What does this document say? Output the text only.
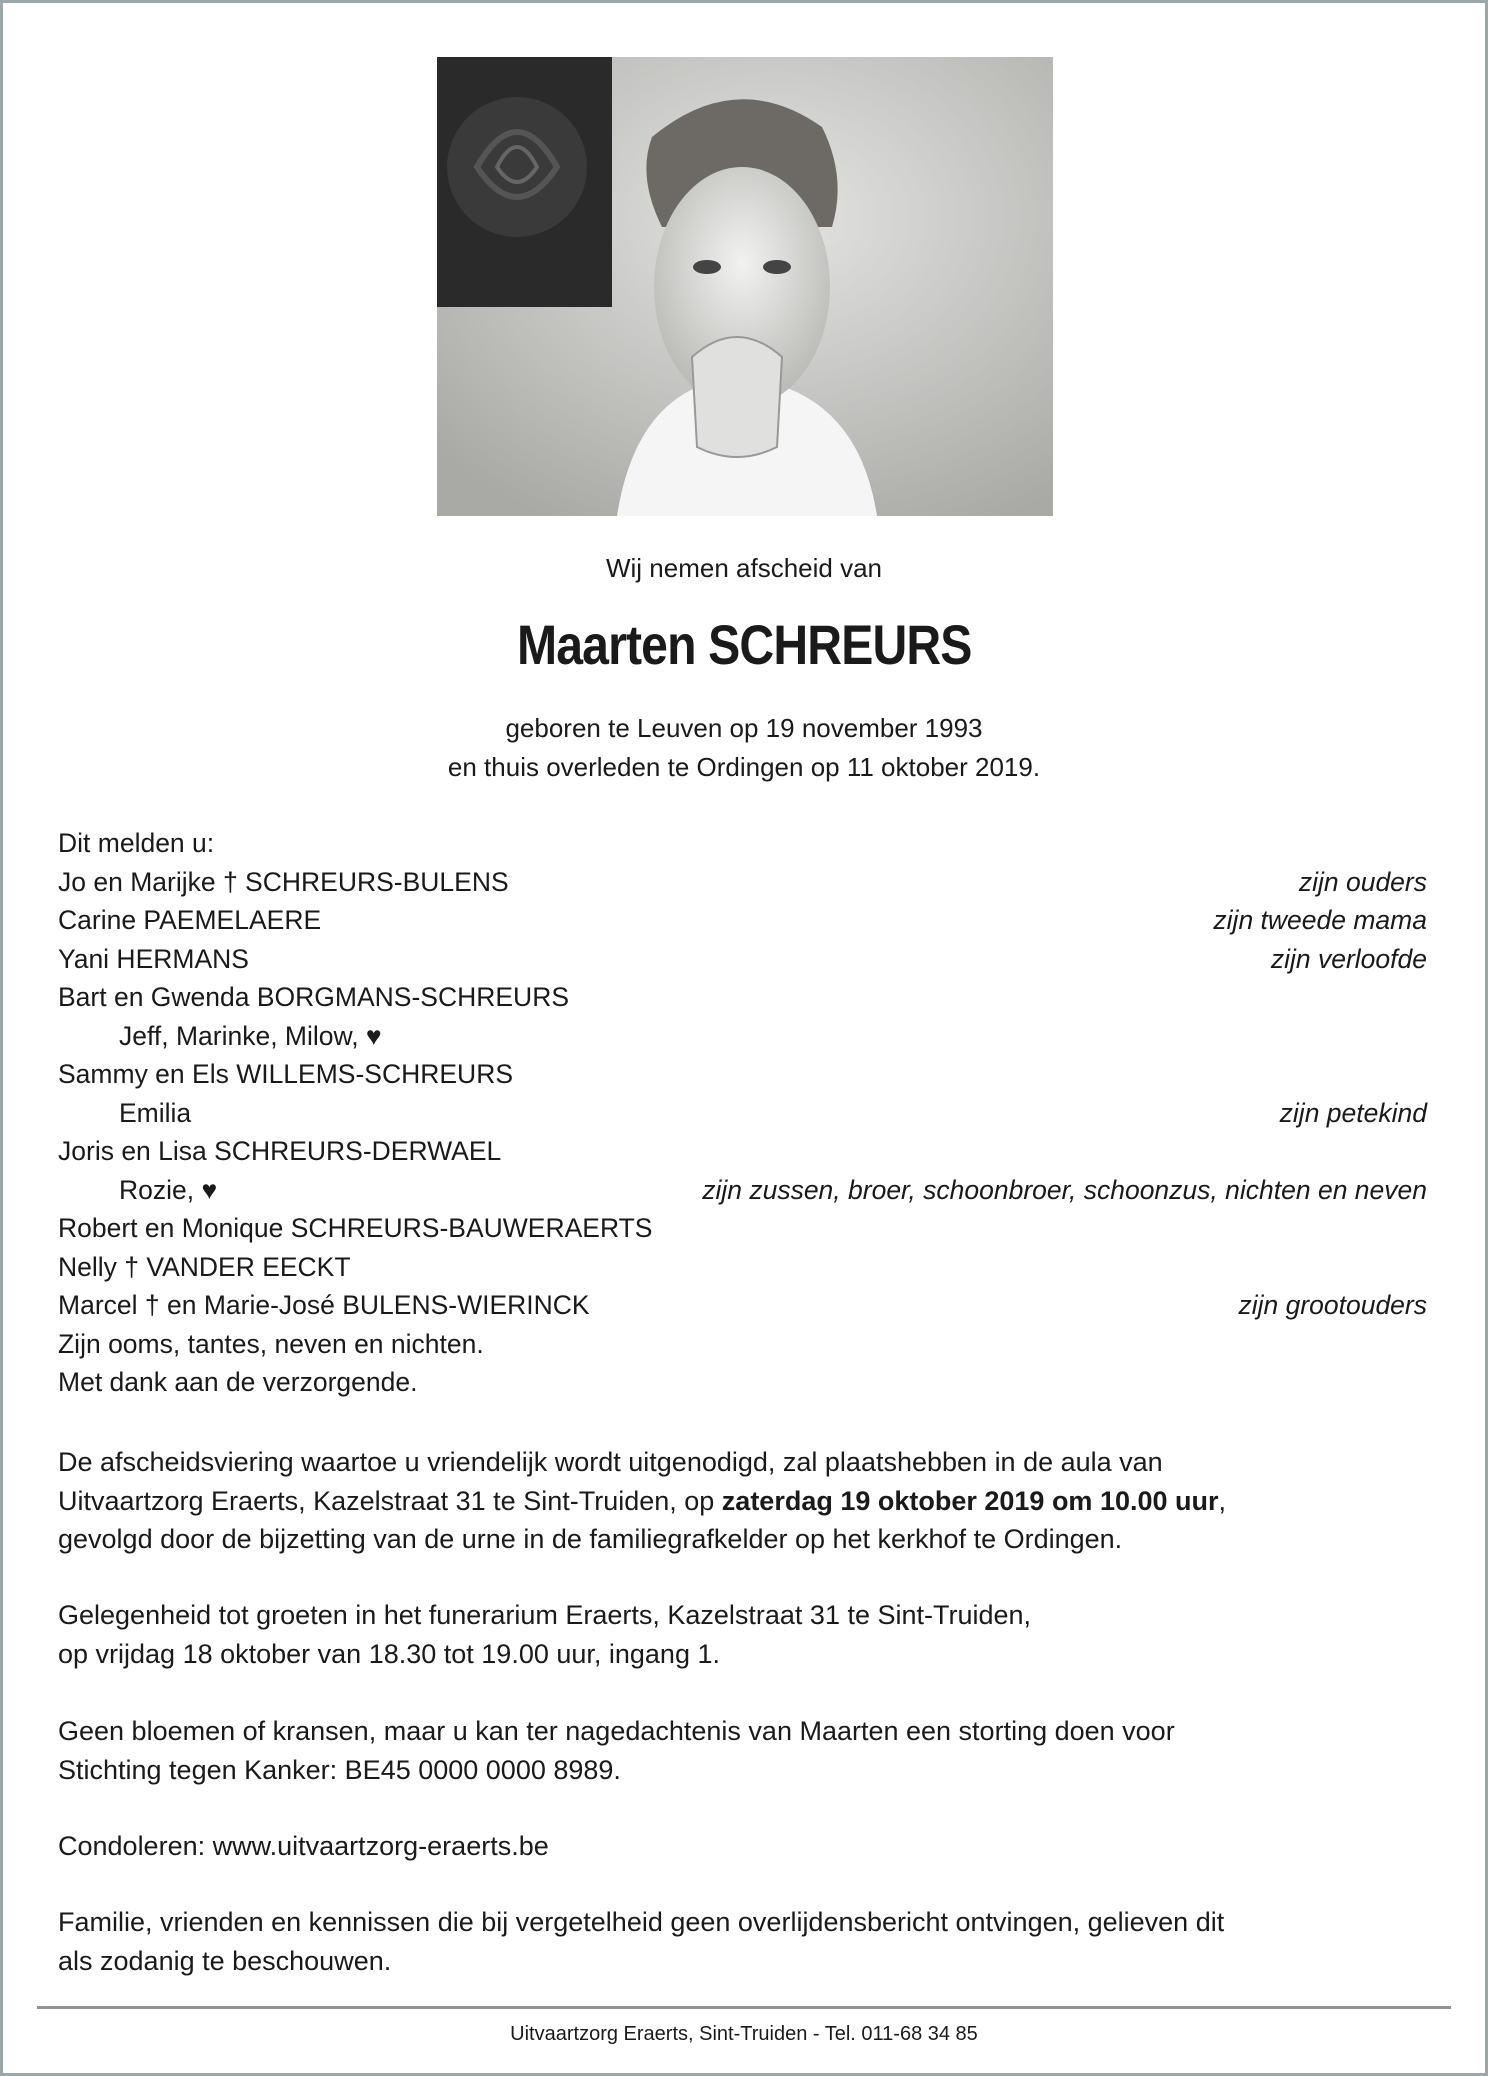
Wij nemen afscheid van
Maarten SCHREURS
geboren te Leuven op 19 november 1993
en thuis overleden te Ordingen op 11 oktober 2019.
Dit melden u:
Jo en Marijke † SCHREURS-BULENS	zijn ouders
Carine PAEMELAERE	zijn tweede mama
Yani HERMANS	zijn verloofde
Bart en Gwenda BORGMANS-SCHREURS
Jeff, Marinke, Milow, ♥
Sammy en Els WILLEMS-SCHREURS
Emilia	zijn petekind
Joris en Lisa SCHREURS-DERWAEL
Rozie, ♥	zijn zussen, broer, schoonbroer, schoonzus, nichten en neven
Robert en Monique SCHREURS-BAUWERAERTS
Nelly † VANDER EECKT
Marcel † en Marie-José BULENS-WIERINCK	zijn grootouders
Zijn ooms, tantes, neven en nichten.
Met dank aan de verzorgende.
De afscheidsviering waartoe u vriendelijk wordt uitgenodigd, zal plaatshebben in de aula van
Uitvaartzorg Eraerts, Kazelstraat 31 te Sint-Truiden, op zaterdag 19 oktober 2019 om 10.00 uur,
gevolgd door de bijzetting van de urne in de familiegrafkelder op het kerkhof te Ordingen.
Gelegenheid tot groeten in het funerarium Eraerts, Kazelstraat 31 te Sint-Truiden,
op vrijdag 18 oktober van 18.30 tot 19.00 uur, ingang 1.
Geen bloemen of kransen, maar u kan ter nagedachtenis van Maarten een storting doen voor
Stichting tegen Kanker: BE45 0000 0000 8989.
Condoleren: www.uitvaartzorg-eraerts.be
Familie, vrienden en kennissen die bij vergetelheid geen overlijdensbericht ontvingen, gelieven dit
als zodanig te beschouwen.
Uitvaartzorg Eraerts, Sint-Truiden - Tel. 011-68 34 85
